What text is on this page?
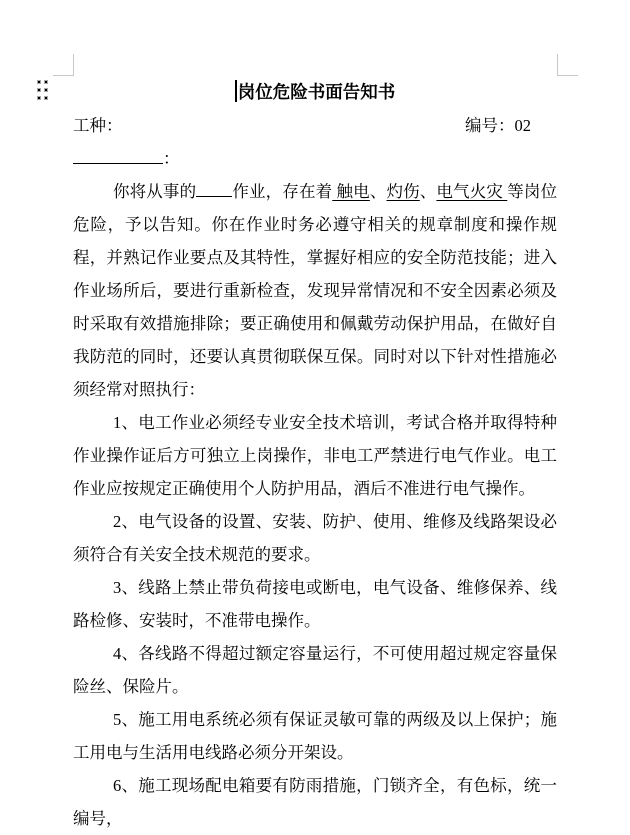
岗位危险书面告知书

工种：	编号：02

：

你将从事的 作业，存在着 触电、灼伤、电气火灾 等岗位危险，予以告知。你在作业时务必遵守相关的规章制度和操作规程，并熟记作业要点及其特性，掌握好相应的安全防范技能；进入作业场所后，要进行重新检查，发现异常情况和不安全因素必须及时采取有效措施排除；要正确使用和佩戴劳动保护用品，在做好自我防范的同时，还要认真贯彻联保互保。同时对以下针对性措施必须经常对照执行：

1、电工作业必须经专业安全技术培训，考试合格并取得特种作业操作证后方可独立上岗操作，非电工严禁进行电气作业。电工作业应按规定正确使用个人防护用品，酒后不准进行电气操作。

2、电气设备的设置、安装、防护、使用、维修及线路架设必须符合有关安全技术规范的要求。

3、线路上禁止带负荷接电或断电，电气设备、维修保养、线路检修、安装时，不准带电操作。

4、各线路不得超过额定容量运行，不可使用超过规定容量保险丝、保险片。

5、施工用电系统必须有保证灵敏可靠的两级及以上保护；施工用电与生活用电线路必须分开架设。

6、施工现场配电箱要有防雨措施，门锁齐全，有色标，统一编号，
